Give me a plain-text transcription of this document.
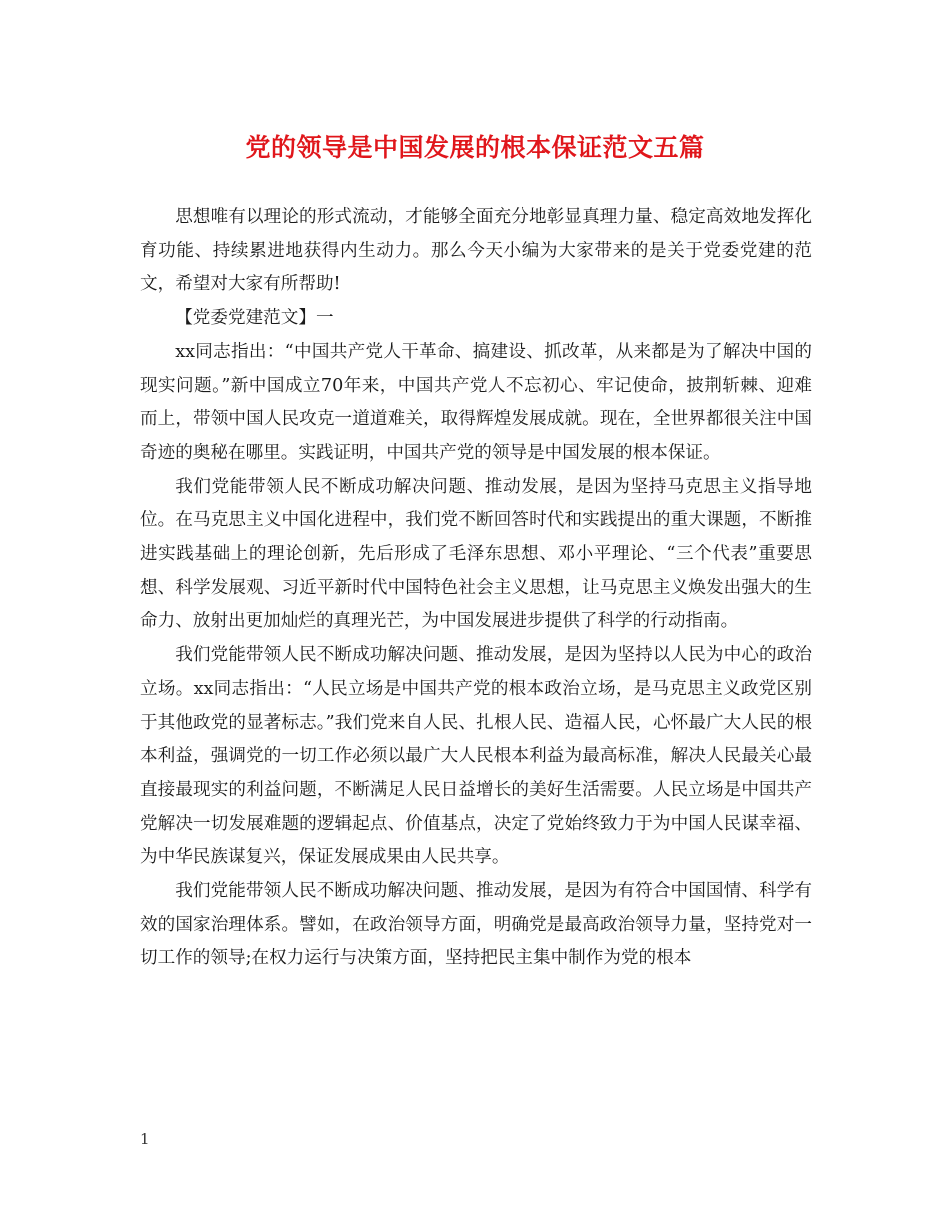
党的领导是中国发展的根本保证范文五篇

思想唯有以理论的形式流动，才能够全面充分地彰显真理力量、稳定高效地发挥化育功能、持续累进地获得内生动力。那么今天小编为大家带来的是关于党委党建的范文，希望对大家有所帮助!

【党委党建范文】一

xx同志指出：“中国共产党人干革命、搞建设、抓改革，从来都是为了解决中国的现实问题。”新中国成立70年来，中国共产党人不忘初心、牢记使命，披荆斩棘、迎难而上，带领中国人民攻克一道道难关，取得辉煌发展成就。现在，全世界都很关注中国奇迹的奥秘在哪里。实践证明，中国共产党的领导是中国发展的根本保证。

我们党能带领人民不断成功解决问题、推动发展，是因为坚持马克思主义指导地位。在马克思主义中国化进程中，我们党不断回答时代和实践提出的重大课题，不断推进实践基础上的理论创新，先后形成了毛泽东思想、邓小平理论、“三个代表”重要思想、科学发展观、习近平新时代中国特色社会主义思想，让马克思主义焕发出强大的生命力、放射出更加灿烂的真理光芒，为中国发展进步提供了科学的行动指南。

我们党能带领人民不断成功解决问题、推动发展，是因为坚持以人民为中心的政治立场。xx同志指出：“人民立场是中国共产党的根本政治立场，是马克思主义政党区别于其他政党的显著标志。”我们党来自人民、扎根人民、造福人民，心怀最广大人民的根本利益，强调党的一切工作必须以最广大人民根本利益为最高标准，解决人民最关心最直接最现实的利益问题，不断满足人民日益增长的美好生活需要。人民立场是中国共产党解决一切发展难题的逻辑起点、价值基点，决定了党始终致力于为中国人民谋幸福、为中华民族谋复兴，保证发展成果由人民共享。

我们党能带领人民不断成功解决问题、推动发展，是因为有符合中国国情、科学有效的国家治理体系。譬如，在政治领导方面，明确党是最高政治领导力量，坚持党对一切工作的领导;在权力运行与决策方面，坚持把民主集中制作为党的根本

1
